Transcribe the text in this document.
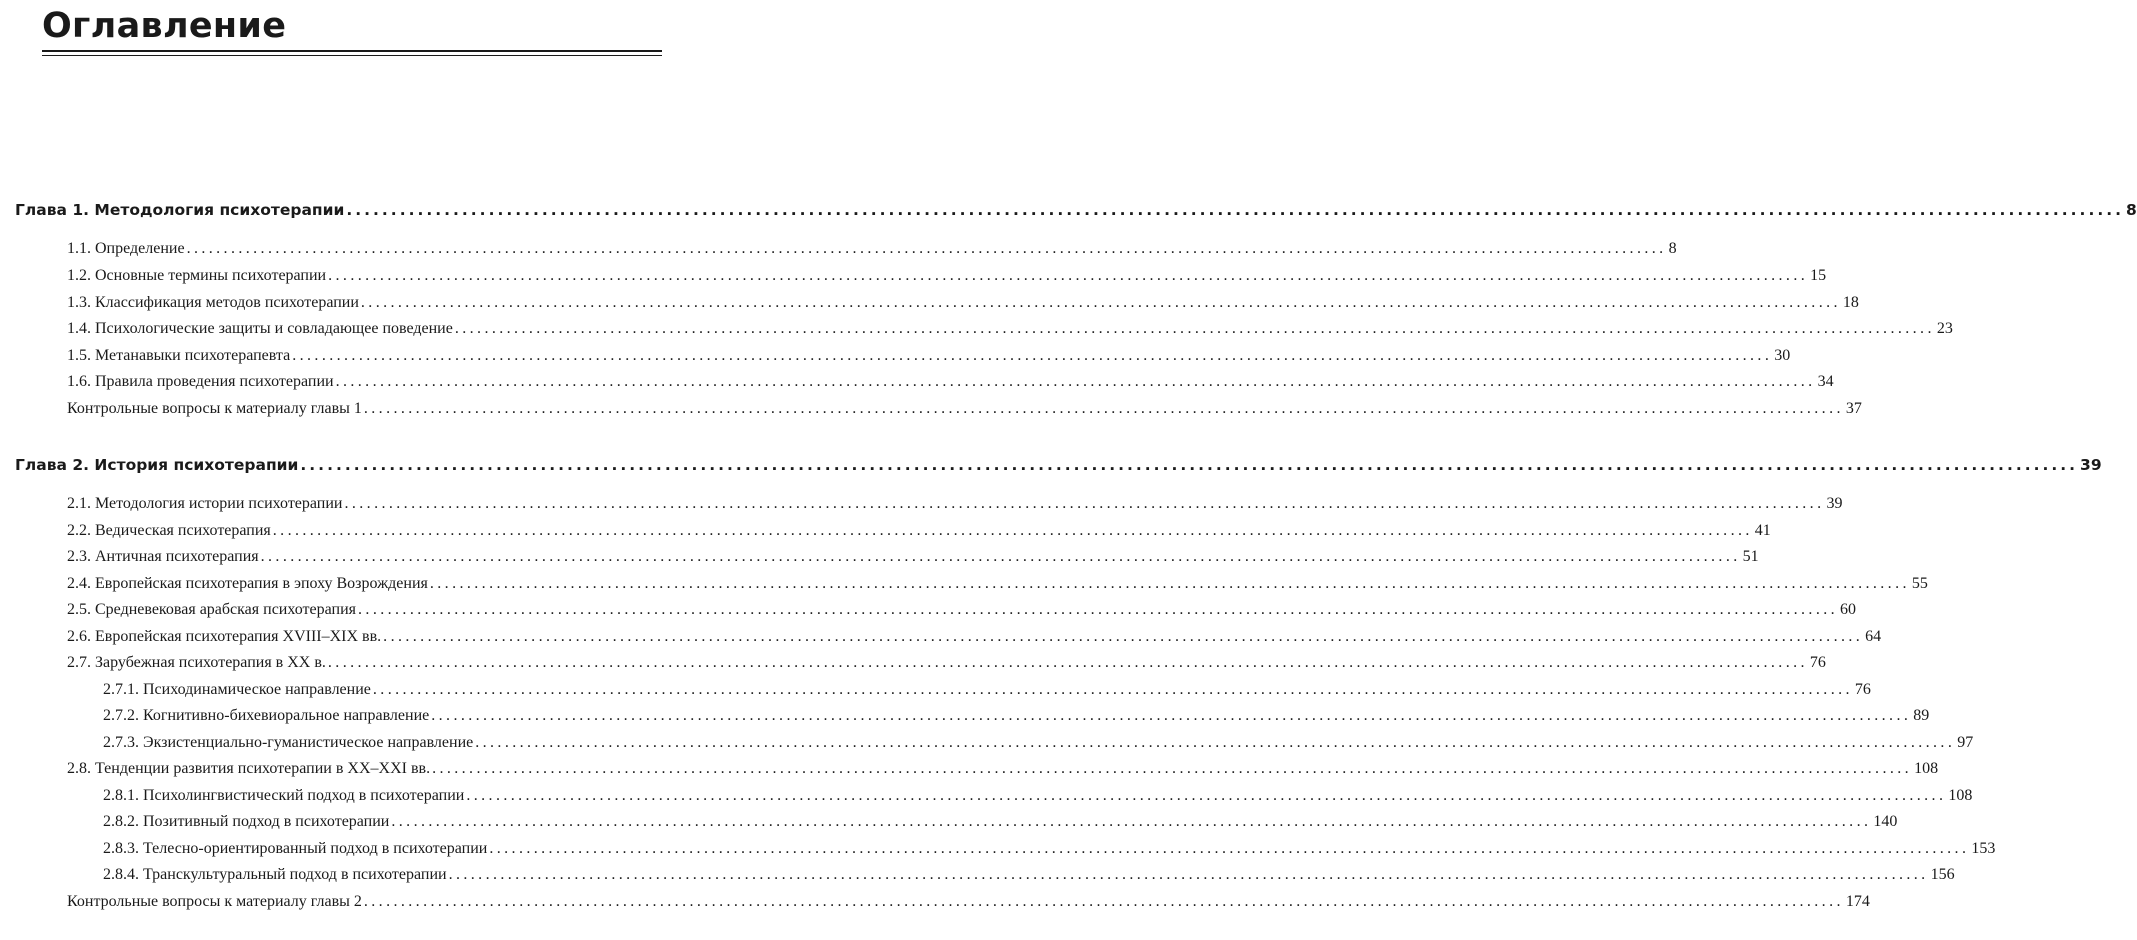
Оглавление
Глава 1. Методология психотерапии ........................................................................................................................................................................................................ 8
1.1. Определение ........................................................................................................................................................................................................ 8
1.2. Основные термины психотерапии ........................................................................................................................................................................................................ 15
1.3. Классификация методов психотерапии ........................................................................................................................................................................................................ 18
1.4. Психологические защиты и совладающее поведение ........................................................................................................................................................................................................ 23
1.5. Метанавыки психотерапевта ........................................................................................................................................................................................................ 30
1.6. Правила проведения психотерапии ........................................................................................................................................................................................................ 34
Контрольные вопросы к материалу главы 1 ........................................................................................................................................................................................................ 37
Глава 2. История психотерапии ........................................................................................................................................................................................................ 39
2.1. Методология истории психотерапии ........................................................................................................................................................................................................ 39
2.2. Ведическая психотерапия ........................................................................................................................................................................................................ 41
2.3. Античная психотерапия ........................................................................................................................................................................................................ 51
2.4. Европейская психотерапия в эпоху Возрождения ........................................................................................................................................................................................................ 55
2.5. Средневековая арабская психотерапия ........................................................................................................................................................................................................ 60
2.6. Европейская психотерапия XVIII–XIX вв. ........................................................................................................................................................................................................ 64
2.7. Зарубежная психотерапия в XX в. ........................................................................................................................................................................................................ 76
2.7.1. Психодинамическое направление ........................................................................................................................................................................................................ 76
2.7.2. Когнитивно-бихевиоральное направление ........................................................................................................................................................................................................ 89
2.7.3. Экзистенциально-гуманистическое направление ........................................................................................................................................................................................................ 97
2.8. Тенденции развития психотерапии в XX–XXI вв. ........................................................................................................................................................................................................ 108
2.8.1. Психолингвистический подход в психотерапии ........................................................................................................................................................................................................ 108
2.8.2. Позитивный подход в психотерапии ........................................................................................................................................................................................................ 140
2.8.3. Телесно-ориентированный подход в психотерапии ........................................................................................................................................................................................................ 153
2.8.4. Транскультуральный подход в психотерапии ........................................................................................................................................................................................................ 156
Контрольные вопросы к материалу главы 2 ........................................................................................................................................................................................................ 174
